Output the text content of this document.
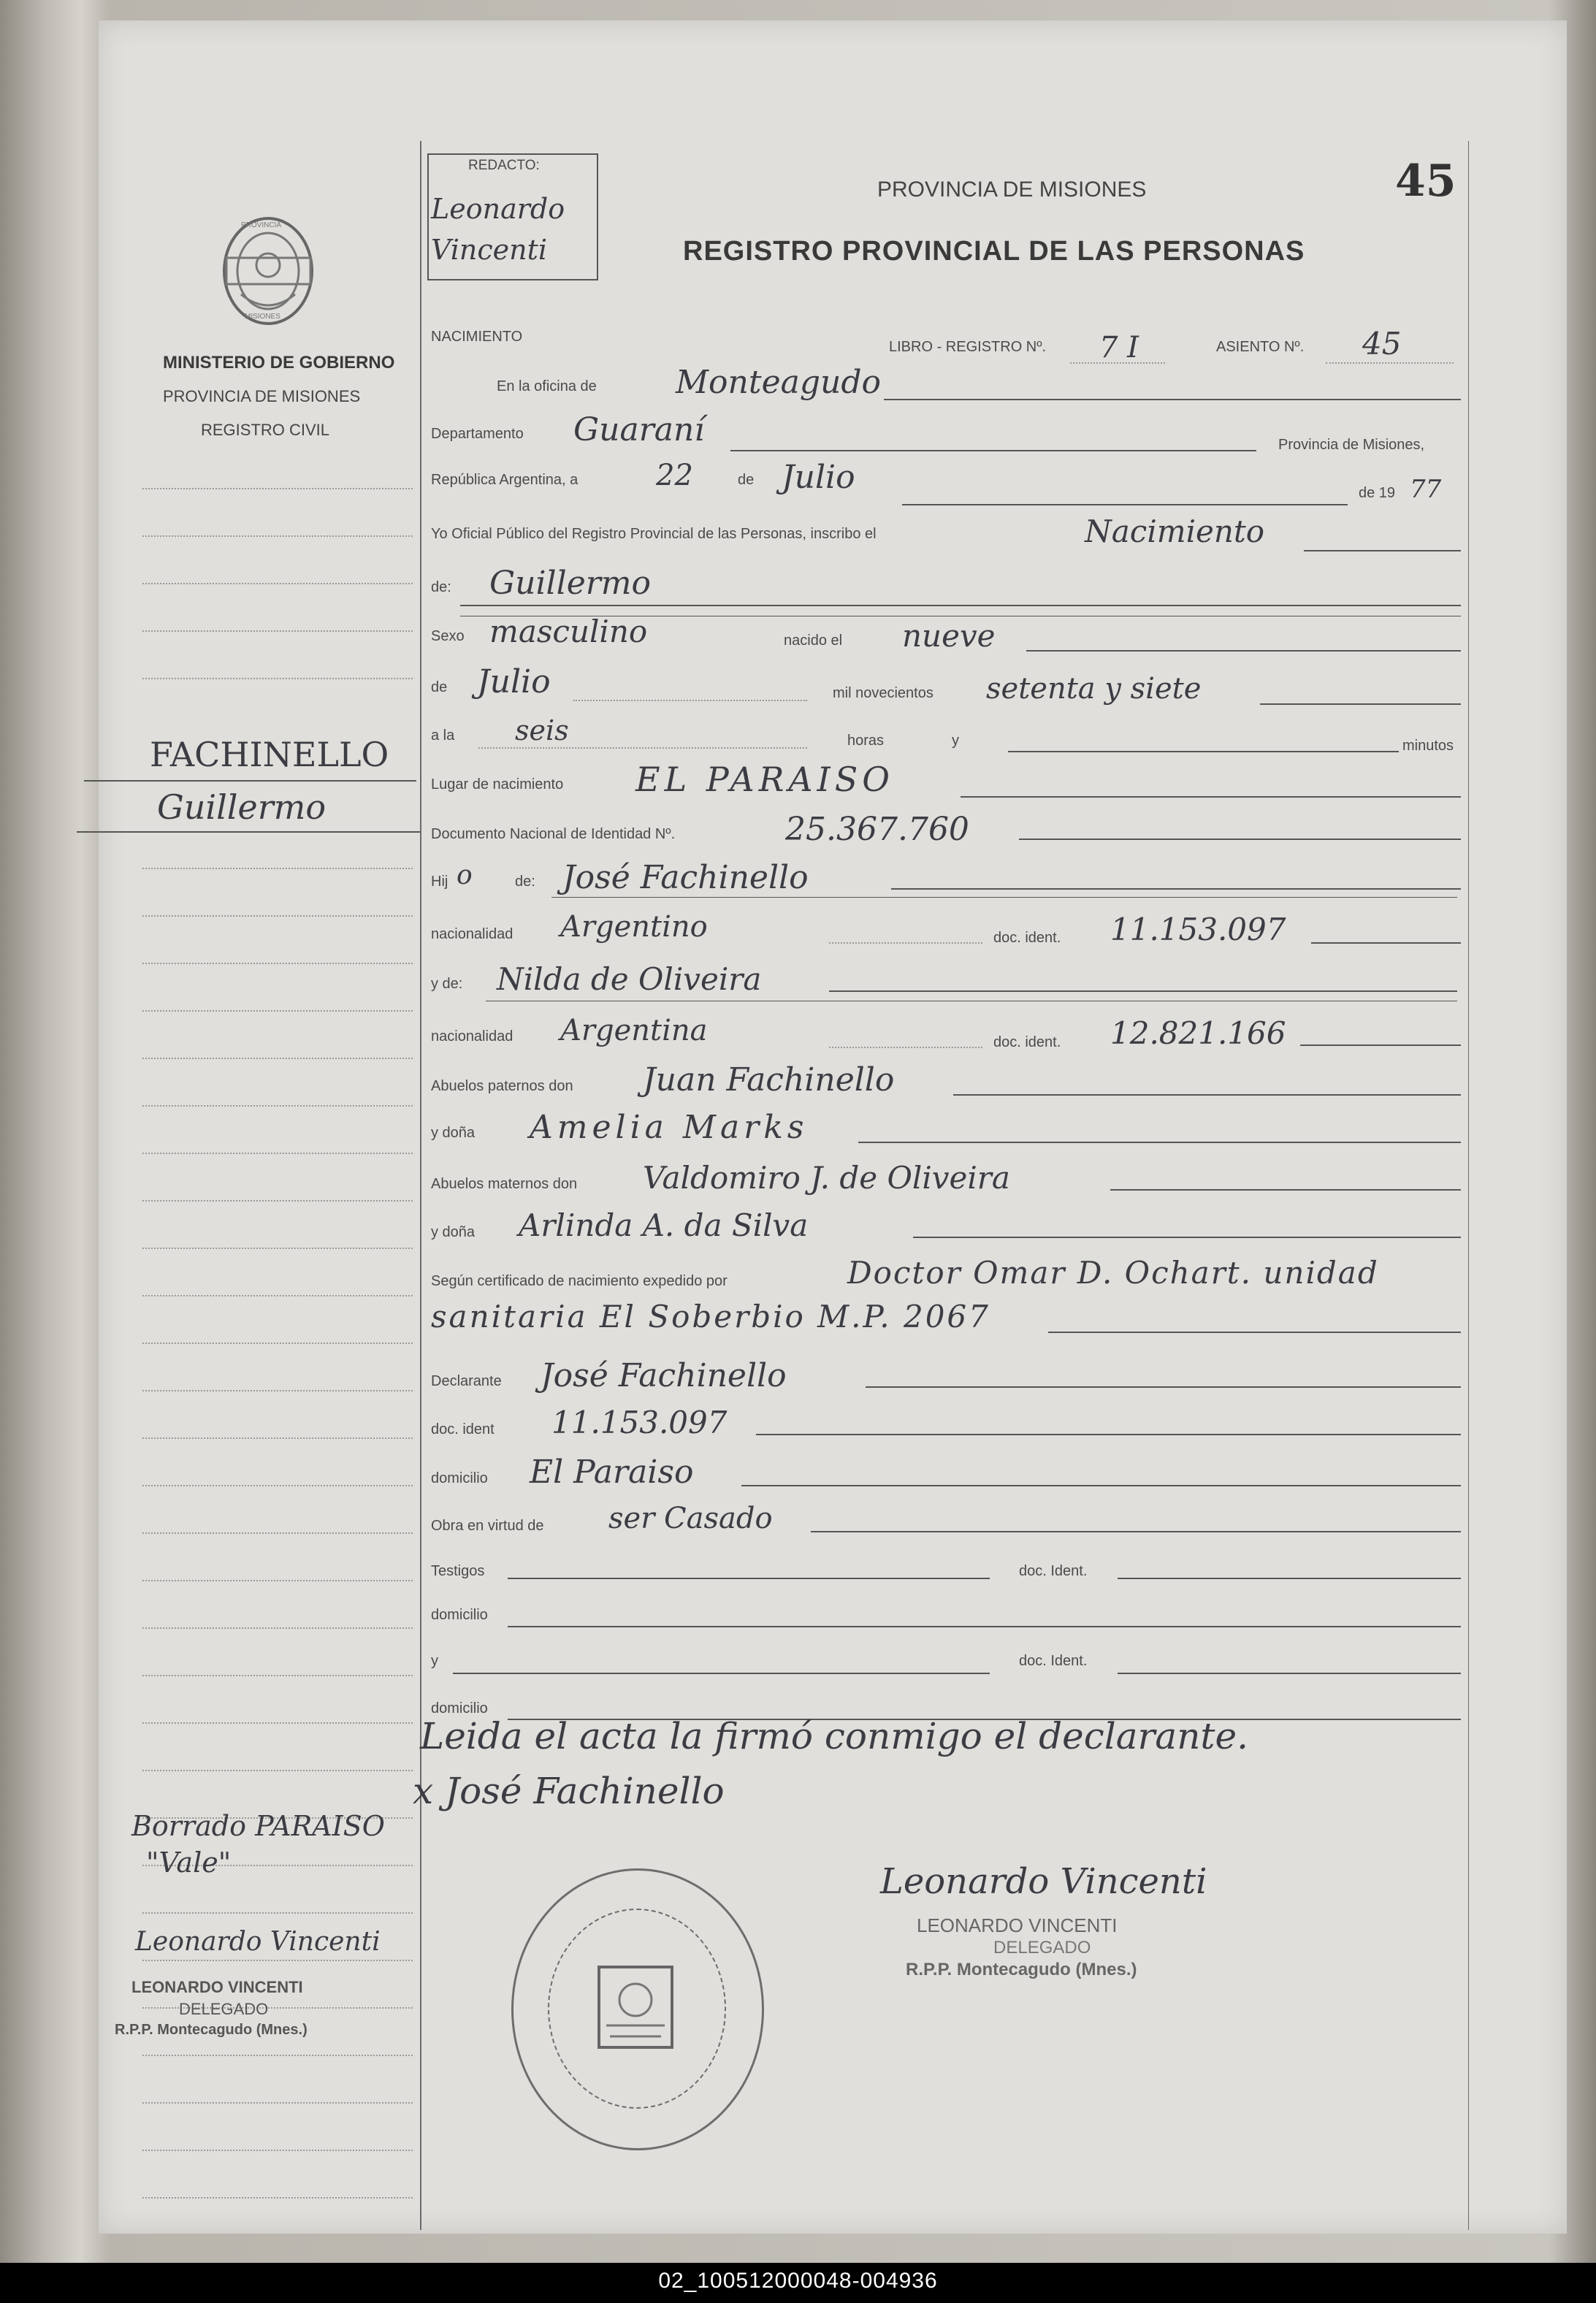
REDACTO:
Leonardo Vincenti
PROVINCIA DE MISIONES	45
REGISTRO PROVINCIAL DE LAS PERSONAS
PROVINCIA
MISIONES
MINISTERIO DE GOBIERNO
PROVINCIA DE MISIONES
REGISTRO CIVIL
FACHINELLO
Guillermo
Borrado PARAISO
"Vale"
Leonardo Vincenti
LEONARDO VINCENTI
DELEGADO
R.P.P. Montecagudo (Mnes.)
NACIMIENTO
LIBRO - REGISTRO Nº. 7 I	ASIENTO Nº. 45
En la oficina de Monteagudo
Departamento Guaraní	Provincia de Misiones,
República Argentina, a	22	de Julio	de 19 77
Yo Oficial Público del Registro Provincial de las Personas, inscribo el	Nacimiento
de: Guillermo
Sexo masculino	nacido el nueve
de Julio	mil novecientos setenta y siete
a la seis	horas	y	minutos
Lugar de nacimiento EL PARAISO
Documento Nacional de Identidad Nº.	25.367.760
Hij o	de: José Fachinello
nacionalidad Argentino	doc. ident. 11.153.097
y de: Nilda de Oliveira
nacionalidad Argentina	doc. ident. 12.821.166
Abuelos paternos don Juan Fachinello
y doña Amelia Marks
Abuelos maternos don Valdomiro J. de Oliveira
y doña Arlinda A. da Silva
Según certificado de nacimiento expedido por	Doctor Omar D. Ochart. unidad
sanitaria El Soberbio M.P. 2067
Declarante José Fachinello
doc. ident 11.153.097
domicilio El Paraiso
Obra en virtud de ser Casado
Testigos	doc. Ident.
domicilio
y	doc. Ident.
domicilio
Leida el acta la firmó conmigo el declarante.
x José Fachinello
Leonardo Vincenti
LEONARDO VINCENTI
DELEGADO
R.P.P. Montecagudo (Mnes.)
02_100512000048-004936
